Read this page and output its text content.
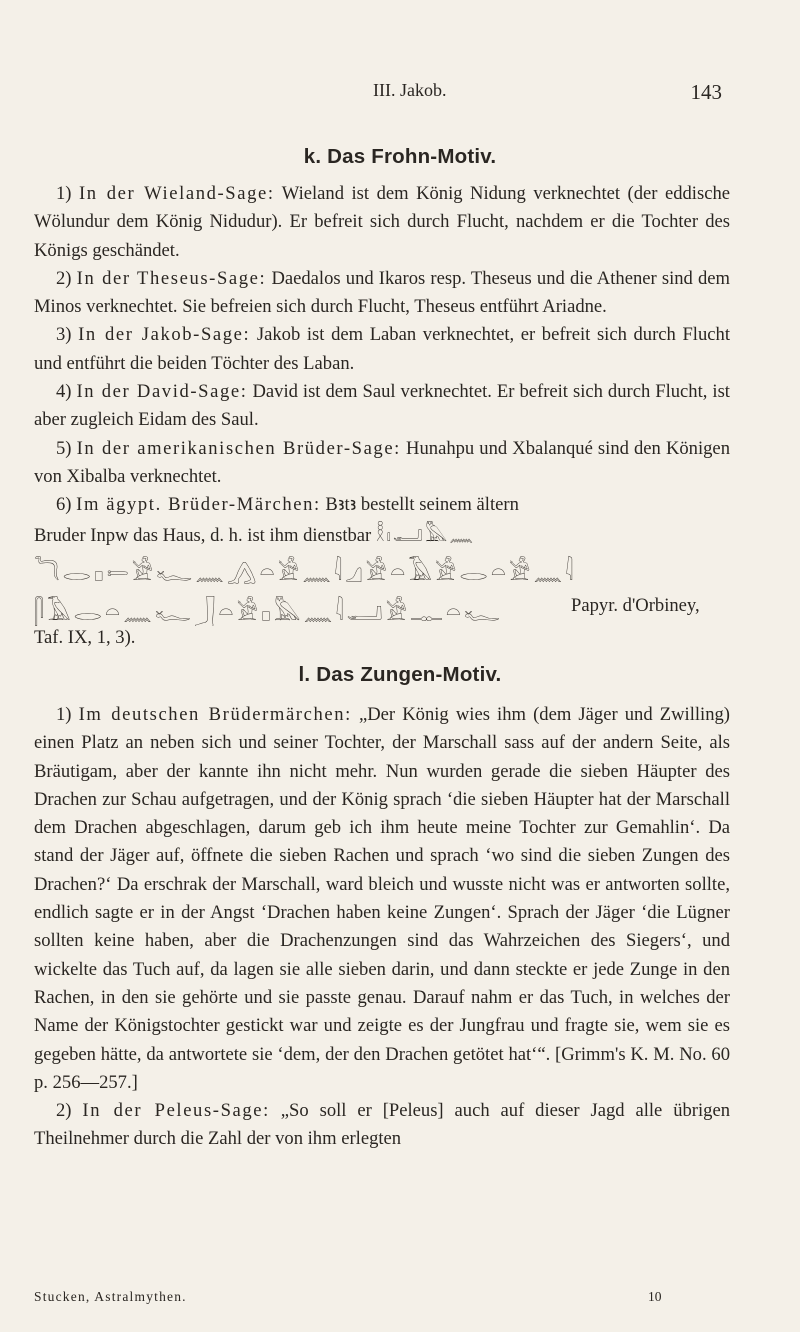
III. Jakob.	143
k. Das Frohn-Motiv.

1) In der Wieland-Sage: Wieland ist dem König Nidung verknechtet (der eddische Wölundur dem König Nidudur). Er befreit sich durch Flucht, nachdem er die Tochter des Königs geschändet.

2) In der Theseus-Sage: Daedalos und Ikaros resp. Theseus und die Athener sind dem Minos verknechtet. Sie befreien sich durch Flucht, Theseus entführt Ariadne.

3) In der Jakob-Sage: Jakob ist dem Laban verknechtet, er befreit sich durch Flucht und entführt die beiden Töchter des Laban.

4) In der David-Sage: David ist dem Saul verknechtet. Er befreit sich durch Flucht, ist aber zugleich Eidam des Saul.

5) In der amerikanischen Brüder-Sage: Hunahpu und Xbalanqué sind den Königen von Xibalba verknechtet.

6) Im ägypt. Brüder-Märchen: Bꜣtꜣ bestellt seinem ältern

Bruder Inpw das Haus, d. h. ist ihm dienstbar 𓎛𓏤𓂝𓅓𓈖

𓆓𓂋𓊪𓍿𓀀𓆑𓈖𓂻𓏏𓀀𓈖𓇋𓈎𓀀𓏏𓄿𓀀𓂋𓏏𓀀𓈖𓇋
𓋴𓄿𓂋𓏏𓈖𓆑𓃀𓏏𓀀𓊪𓅓𓈖𓇋𓂝𓀀𓊃𓏏𓆑	Papyr. d'Orbiney,
Taf. IX, 1, 3).
l. Das Zungen-Motiv.

1) Im deutschen Brüdermärchen: „Der König wies ihm (dem Jäger und Zwilling) einen Platz an neben sich und seiner Tochter, der Marschall sass auf der andern Seite, als Bräutigam, aber der kannte ihn nicht mehr. Nun wurden gerade die sieben Häupter des Drachen zur Schau aufgetragen, und der König sprach ‘die sieben Häupter hat der Marschall dem Drachen abgeschlagen, darum geb ich ihm heute meine Tochter zur Gemahlin‘. Da stand der Jäger auf, öffnete die sieben Rachen und sprach ‘wo sind die sieben Zungen des Drachen?‘ Da erschrak der Marschall, ward bleich und wusste nicht was er antworten sollte, endlich sagte er in der Angst ‘Drachen haben keine Zungen‘. Sprach der Jäger ‘die Lügner sollten keine haben, aber die Drachenzungen sind das Wahrzeichen des Siegers‘, und wickelte das Tuch auf, da lagen sie alle sieben darin, und dann steckte er jede Zunge in den Rachen, in den sie gehörte und sie passte genau. Darauf nahm er das Tuch, in welches der Name der Königstochter gestickt war und zeigte es der Jungfrau und fragte sie, wem sie es gegeben hätte, da antwortete sie ‘dem, der den Drachen getötet hat‘“. [Grimm's K. M. No. 60 p. 256—257.]

2) In der Peleus-Sage: „So soll er [Peleus] auch auf dieser Jagd alle übrigen Theilnehmer durch die Zahl der von ihm erlegten

Stucken, Astralmythen.	10
